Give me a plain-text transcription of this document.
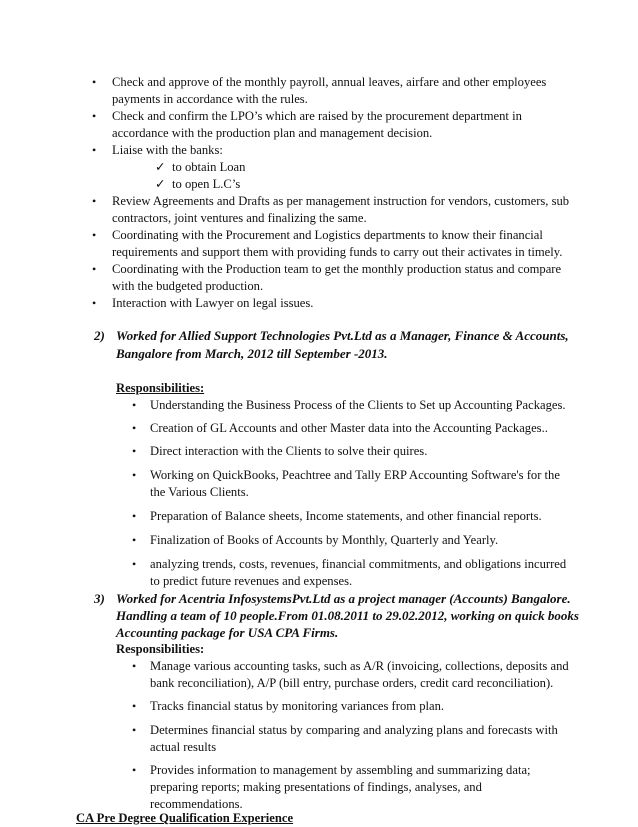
• Check and approve of the monthly payroll, annual leaves, airfare and other employees
payments in accordance with the rules.
• Check and confirm the LPO’s which are raised by the procurement department in
accordance with the production plan and management decision.
• Liaise with the banks:
✓ to obtain Loan
✓ to open L.C’s
• Review Agreements and Drafts as per management instruction for vendors, customers, sub
contractors, joint ventures and finalizing the same.
• Coordinating with the Procurement and Logistics departments to know their financial
requirements and support them with providing funds to carry out their activates in timely.
• Coordinating with the Production team to get the monthly production status and compare
with the budgeted production.
• Interaction with Lawyer on legal issues.
2) Worked for Allied Support Technologies Pvt.Ltd as a Manager, Finance & Accounts,
Bangalore from March, 2012 till September -2013.
Responsibilities:
• Understanding the Business Process of the Clients to Set up Accounting Packages.
• Creation of GL Accounts and other Master data into the Accounting Packages..
• Direct interaction with the Clients to solve their quires.
• Working on QuickBooks, Peachtree and Tally ERP Accounting Software's for the
the Various Clients.
• Preparation of Balance sheets, Income statements, and other financial reports.
• Finalization of Books of Accounts by Monthly, Quarterly and Yearly.
• analyzing trends, costs, revenues, financial commitments, and obligations incurred
to predict future revenues and expenses.
3) Worked for Acentria InfosystemsPvt.Ltd as a project manager (Accounts) Bangalore.
Handling a team of 10 people.From 01.08.2011 to 29.02.2012, working on quick books
Accounting package for USA CPA Firms.
Responsibilities:
• Manage various accounting tasks, such as A/R (invoicing, collections, deposits and
bank reconciliation), A/P (bill entry, purchase orders, credit card reconciliation).
• Tracks financial status by monitoring variances from plan.
• Determines financial status by comparing and analyzing plans and forecasts with
actual results
• Provides information to management by assembling and summarizing data;
preparing reports; making presentations of findings, analyses, and
recommendations.
CA Pre Degree Qualification Experience
